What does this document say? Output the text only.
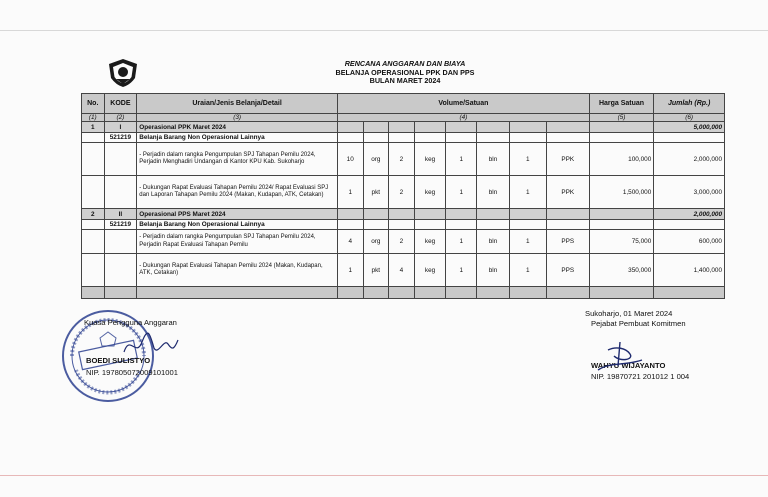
RENCANA ANGGARAN DAN BIAYA
BELANJA OPERASIONAL PPK DAN PPS
BULAN MARET 2024
No.	KODE	Uraian/Jenis Belanja/Detail	Volume/Satuan								Harga Satuan	Jumlah (Rp.)
(1)	(2)	(3)	(4)								(5)	(6)
1	I	Operasional PPK Maret 2024										5,000,000
	521219	Belanja Barang Non Operasional Lainnya										
		- Perjadin dalam rangka Pengumpulan SPJ Tahapan Pemilu 2024, Perjadin Menghadiri Undangan di Kantor KPU Kab. Sukoharjo	10	org	2	keg	1	bln	1	PPK	100,000	2,000,000
		- Dukungan Rapat Evaluasi Tahapan Pemilu 2024/ Rapat Evaluasi SPJ dan Laporan Tahapan Pemilu 2024 (Makan, Kudapan, ATK, Cetakan)	1	pkt	2	keg	1	bln	1	PPK	1,500,000	3,000,000
2	II	Operasional PPS Maret 2024										2,000,000
	521219	Belanja Barang Non Operasional Lainnya										
		- Perjadin dalam rangka Pengumpulan SPJ Tahapan Pemilu 2024, Perjadin Rapat Evaluasi Tahapan Pemilu	4	org	2	keg	1	bln	1	PPS	75,000	600,000
		- Dukungan Rapat Evaluasi Tahapan Pemilu 2024 (Makan, Kudapan, ATK, Cetakan)	1	pkt	4	keg	1	bln	1	PPS	350,000	1,400,000

Kuasa Pengguna Anggaran
BOEDI SULISTYO
NIP. 197805072009101001
Sukoharjo, 01 Maret 2024
Pejabat Pembuat Komitmen
WAHYU WIJAYANTO
NIP. 19870721 201012 1 004
